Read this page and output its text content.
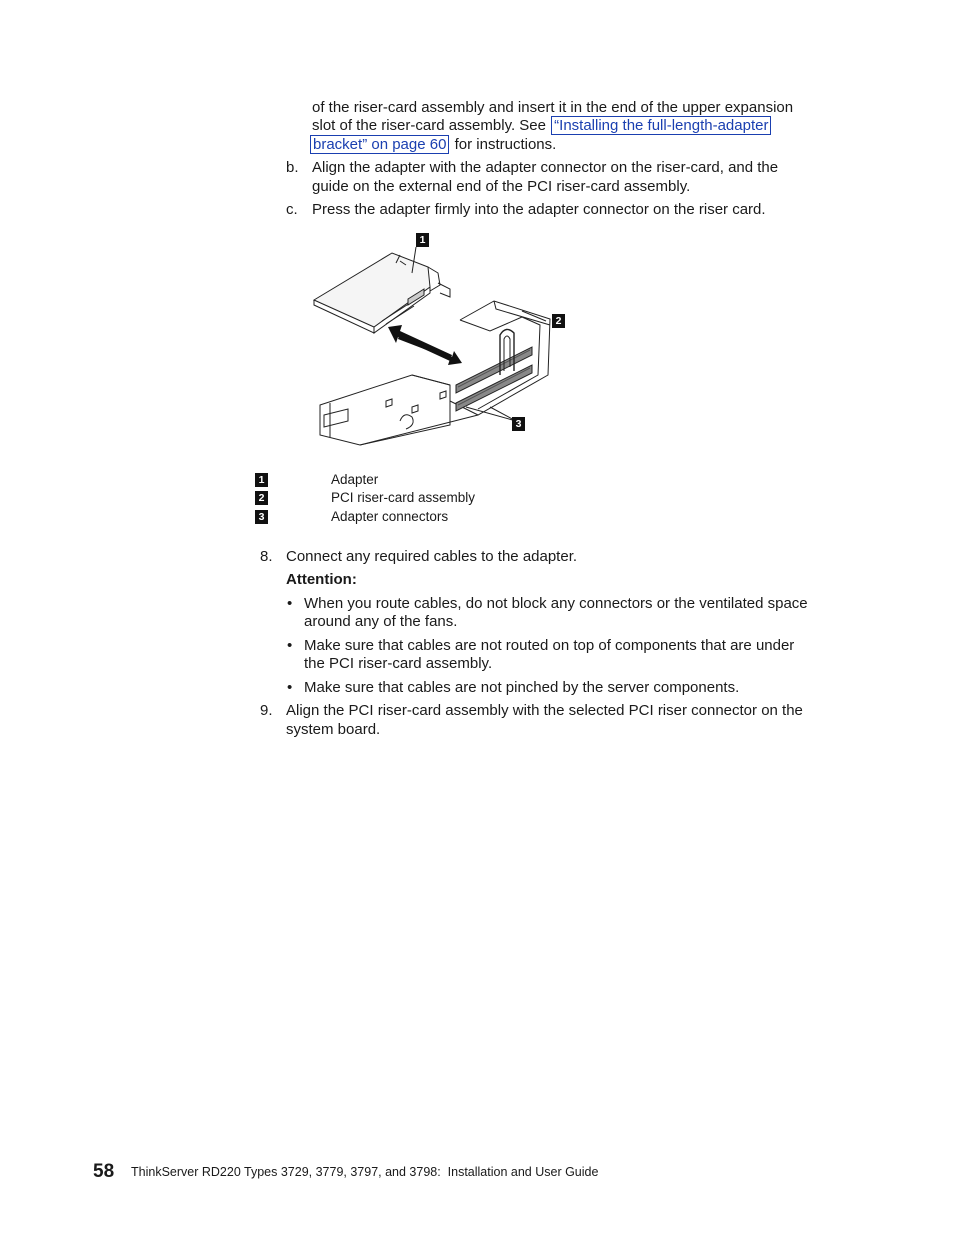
of the riser-card assembly and insert it in the end of the upper expansion
slot of the riser-card assembly. See “Installing the full-length-adapter
bracket” on page 60 for instructions.
b. Align the adapter with the adapter connector on the riser-card, and the
guide on the external end of the PCI riser-card assembly.
c. Press the adapter firmly into the adapter connector on the riser card.
1
2
3
1	Adapter
2	PCI riser-card assembly
3	Adapter connectors
8. Connect any required cables to the adapter.
Attention:
• When you route cables, do not block any connectors or the ventilated space
around any of the fans.
• Make sure that cables are not routed on top of components that are under
the PCI riser-card assembly.
• Make sure that cables are not pinched by the server components.
9. Align the PCI riser-card assembly with the selected PCI riser connector on the
system board.
58 ThinkServer RD220 Types 3729, 3779, 3797, and 3798:  Installation and User Guide
